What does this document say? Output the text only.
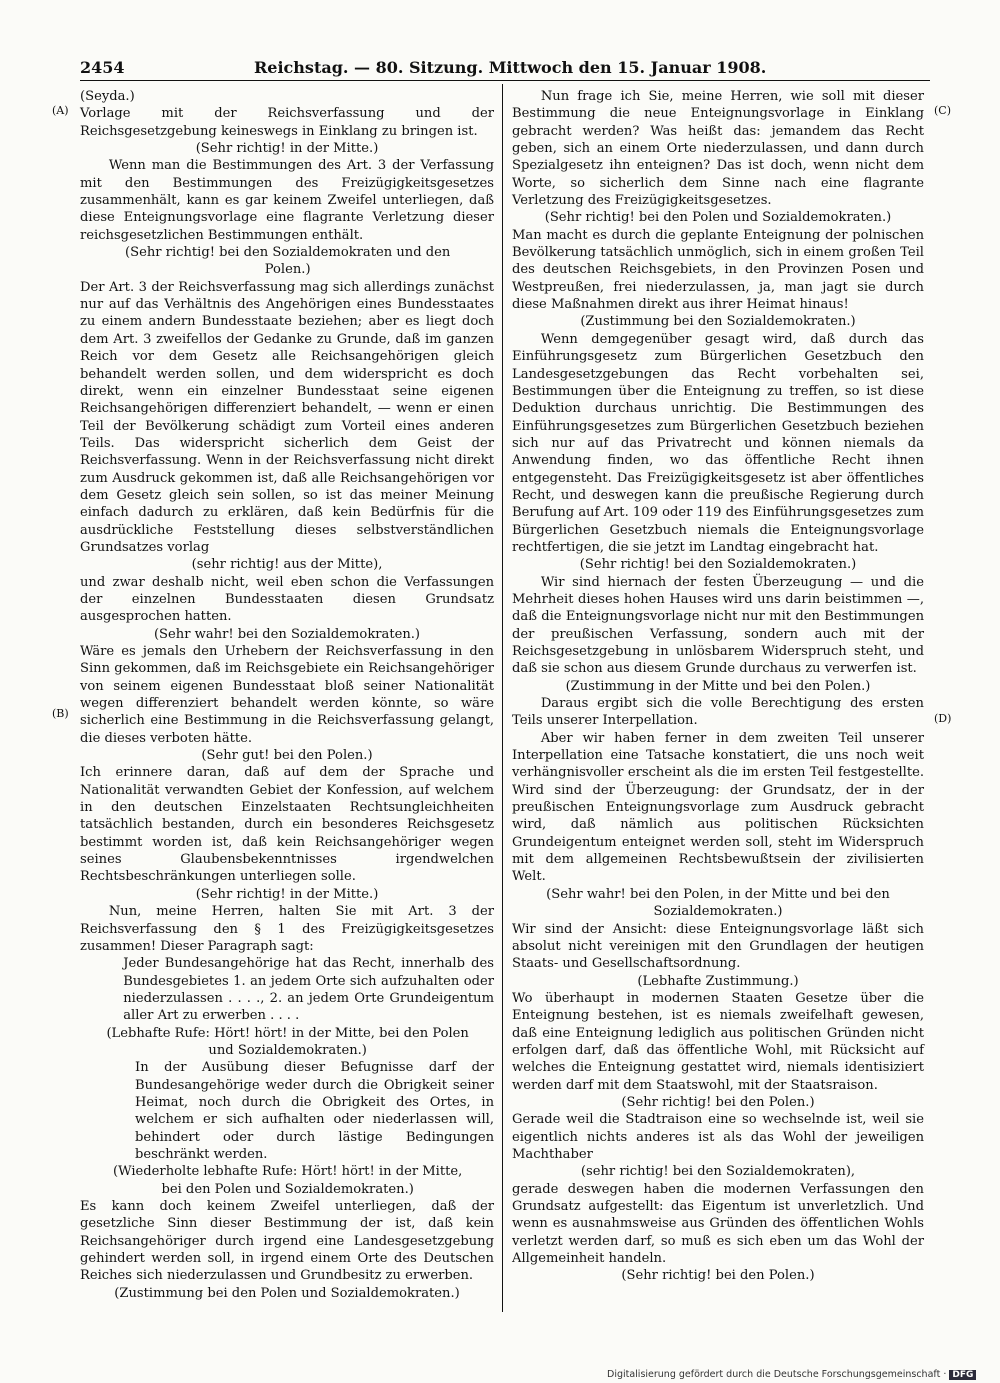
2454	Reichstag. — 80. Sitzung. Mittwoch den 15. Januar 1908.
(A)
(B)
(C)
(D)

(Seyda.)

Vorlage mit der Reichsverfassung und der Reichsgesetzgebung keineswegs in Einklang zu bringen ist.

(Sehr richtig! in der Mitte.)

Wenn man die Bestimmungen des Art. 3 der Verfassung mit den Bestimmungen des Freizügigkeitsgesetzes zusammenhält, kann es gar keinem Zweifel unterliegen, daß diese Enteignungsvorlage eine flagrante Verletzung dieser reichsgesetzlichen Bestimmungen enthält.

(Sehr richtig! bei den Sozialdemokraten und den Polen.)

Der Art. 3 der Reichsverfassung mag sich allerdings zunächst nur auf das Verhältnis des Angehörigen eines Bundesstaates zu einem andern Bundesstaate beziehen; aber es liegt doch dem Art. 3 zweifellos der Gedanke zu Grunde, daß im ganzen Reich vor dem Gesetz alle Reichsangehörigen gleich behandelt werden sollen, und dem widerspricht es doch direkt, wenn ein einzelner Bundesstaat seine eigenen Reichsangehörigen differenziert behandelt, — wenn er einen Teil der Bevölkerung schädigt zum Vorteil eines anderen Teils. Das widerspricht sicherlich dem Geist der Reichsverfassung. Wenn in der Reichsverfassung nicht direkt zum Ausdruck gekommen ist, daß alle Reichsangehörigen vor dem Gesetz gleich sein sollen, so ist das meiner Meinung einfach dadurch zu erklären, daß kein Bedürfnis für die ausdrückliche Feststellung dieses selbstverständlichen Grundsatzes vorlag

(sehr richtig! aus der Mitte),

und zwar deshalb nicht, weil eben schon die Verfassungen der einzelnen Bundesstaaten diesen Grundsatz ausgesprochen hatten.

(Sehr wahr! bei den Sozialdemokraten.)

Wäre es jemals den Urhebern der Reichsverfassung in den Sinn gekommen, daß im Reichsgebiete ein Reichsangehöriger von seinem eigenen Bundesstaat bloß seiner Nationalität wegen differenziert behandelt werden könnte, so wäre sicherlich eine Bestimmung in die Reichsverfassung gelangt, die dieses verboten hätte.

(Sehr gut! bei den Polen.)

Ich erinnere daran, daß auf dem der Sprache und Nationalität verwandten Gebiet der Konfession, auf welchem in den deutschen Einzelstaaten Rechtsungleichheiten tatsächlich bestanden, durch ein besonderes Reichsgesetz bestimmt worden ist, daß kein Reichsangehöriger wegen seines Glaubensbekenntnisses irgendwelchen Rechtsbeschränkungen unterliegen solle.

(Sehr richtig! in der Mitte.)

Nun, meine Herren, halten Sie mit Art. 3 der Reichsverfassung den § 1 des Freizügigkeitsgesetzes zusammen! Dieser Paragraph sagt:

Jeder Bundesangehörige hat das Recht, innerhalb des Bundesgebietes 1. an jedem Orte sich aufzuhalten oder niederzulassen . . . ., 2. an jedem Orte Grundeigentum aller Art zu erwerben . . . .

(Lebhafte Rufe: Hört! hört! in der Mitte, bei den Polen und Sozialdemokraten.)

In der Ausübung dieser Befugnisse darf der Bundesangehörige weder durch die Obrigkeit seiner Heimat, noch durch die Obrigkeit des Ortes, in welchem er sich aufhalten oder niederlassen will, behindert oder durch lästige Bedingungen beschränkt werden.

(Wiederholte lebhafte Rufe: Hört! hört! in der Mitte, bei den Polen und Sozialdemokraten.)

Es kann doch keinem Zweifel unterliegen, daß der gesetzliche Sinn dieser Bestimmung der ist, daß kein Reichsangehöriger durch irgend eine Landesgesetzgebung gehindert werden soll, in irgend einem Orte des Deutschen Reiches sich niederzulassen und Grundbesitz zu erwerben.

(Zustimmung bei den Polen und Sozialdemokraten.)

Nun frage ich Sie, meine Herren, wie soll mit dieser Bestimmung die neue Enteignungsvorlage in Einklang gebracht werden? Was heißt das: jemandem das Recht geben, sich an einem Orte niederzulassen, und dann durch Spezialgesetz ihn enteignen? Das ist doch, wenn nicht dem Worte, so sicherlich dem Sinne nach eine flagrante Verletzung des Freizügigkeitsgesetzes.

(Sehr richtig! bei den Polen und Sozialdemokraten.)

Man macht es durch die geplante Enteignung der polnischen Bevölkerung tatsächlich unmöglich, sich in einem großen Teil des deutschen Reichsgebiets, in den Provinzen Posen und Westpreußen, frei niederzulassen, ja, man jagt sie durch diese Maßnahmen direkt aus ihrer Heimat hinaus!

(Zustimmung bei den Sozialdemokraten.)

Wenn demgegenüber gesagt wird, daß durch das Einführungsgesetz zum Bürgerlichen Gesetzbuch den Landesgesetzgebungen das Recht vorbehalten sei, Bestimmungen über die Enteignung zu treffen, so ist diese Deduktion durchaus unrichtig. Die Bestimmungen des Einführungsgesetzes zum Bürgerlichen Gesetzbuch beziehen sich nur auf das Privatrecht und können niemals da Anwendung finden, wo das öffentliche Recht ihnen entgegensteht. Das Freizügigkeitsgesetz ist aber öffentliches Recht, und deswegen kann die preußische Regierung durch Berufung auf Art. 109 oder 119 des Einführungsgesetzes zum Bürgerlichen Gesetzbuch niemals die Enteignungsvorlage rechtfertigen, die sie jetzt im Landtag eingebracht hat.

(Sehr richtig! bei den Sozialdemokraten.)

Wir sind hiernach der festen Überzeugung — und die Mehrheit dieses hohen Hauses wird uns darin beistimmen —, daß die Enteignungsvorlage nicht nur mit den Bestimmungen der preußischen Verfassung, sondern auch mit der Reichsgesetzgebung in unlösbarem Widerspruch steht, und daß sie schon aus diesem Grunde durchaus zu verwerfen ist.

(Zustimmung in der Mitte und bei den Polen.)

Daraus ergibt sich die volle Berechtigung des ersten Teils unserer Interpellation.

Aber wir haben ferner in dem zweiten Teil unserer Interpellation eine Tatsache konstatiert, die uns noch weit verhängnisvoller erscheint als die im ersten Teil festgestellte. Wird sind der Überzeugung: der Grundsatz, der in der preußischen Enteignungsvorlage zum Ausdruck gebracht wird, daß nämlich aus politischen Rücksichten Grundeigentum enteignet werden soll, steht im Widerspruch mit dem allgemeinen Rechtsbewußtsein der zivilisierten Welt.

(Sehr wahr! bei den Polen, in der Mitte und bei den Sozialdemokraten.)

Wir sind der Ansicht: diese Enteignungsvorlage läßt sich absolut nicht vereinigen mit den Grundlagen der heutigen Staats- und Gesellschaftsordnung.

(Lebhafte Zustimmung.)

Wo überhaupt in modernen Staaten Gesetze über die Enteignung bestehen, ist es niemals zweifelhaft gewesen, daß eine Enteignung lediglich aus politischen Gründen nicht erfolgen darf, daß das öffentliche Wohl, mit Rücksicht auf welches die Enteignung gestattet wird, niemals identisiziert werden darf mit dem Staatswohl, mit der Staatsraison.

(Sehr richtig! bei den Polen.)

Gerade weil die Stadtraison eine so wechselnde ist, weil sie eigentlich nichts anderes ist als das Wohl der jeweiligen Machthaber

(sehr richtig! bei den Sozialdemokraten),

gerade deswegen haben die modernen Verfassungen den Grundsatz aufgestellt: das Eigentum ist unverletzlich. Und wenn es ausnahmsweise aus Gründen des öffentlichen Wohls verletzt werden darf, so muß es sich eben um das Wohl der Allgemeinheit handeln.

(Sehr richtig! bei den Polen.)

Digitalisierung gefördert durch die Deutsche Forschungsgemeinschaft · DFG
